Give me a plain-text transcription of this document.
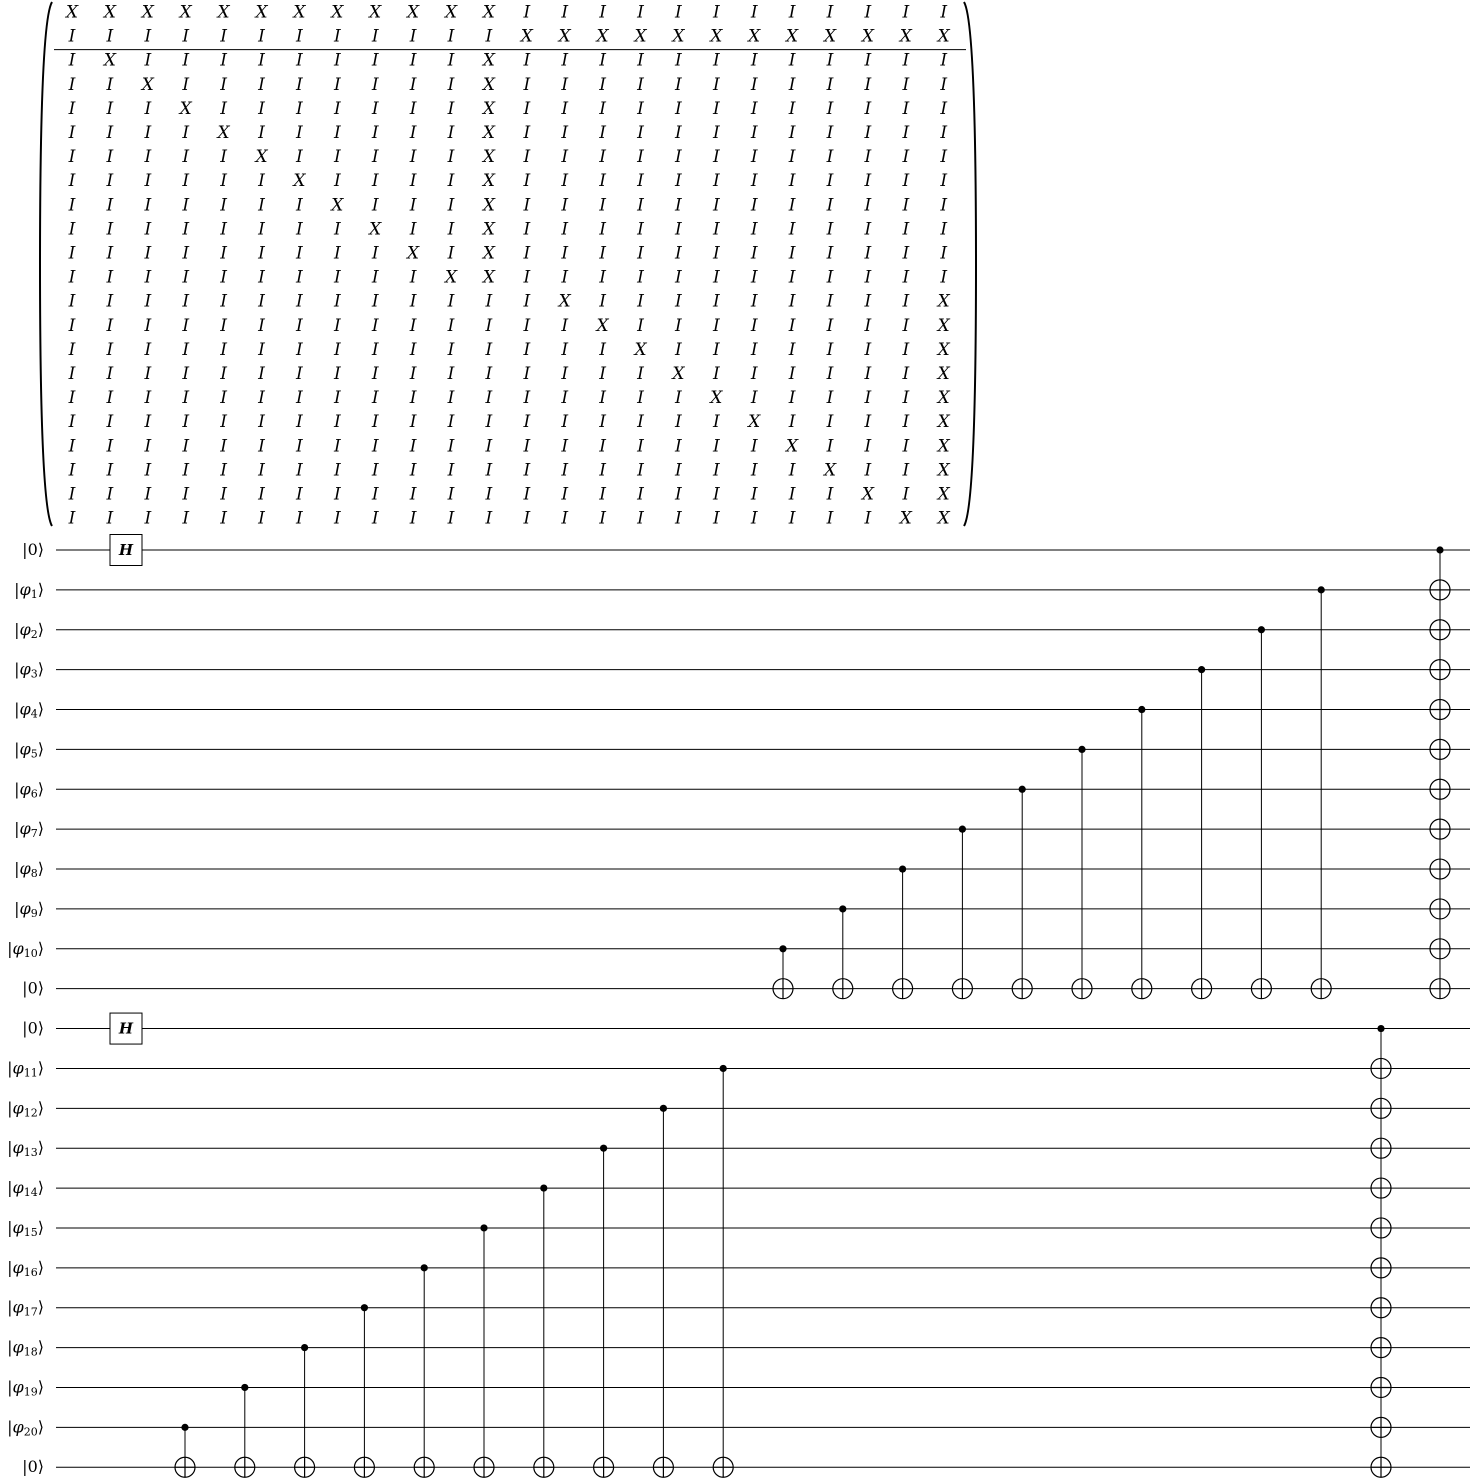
X X X X X X X X X X X X I I I I I I I I I I I I
I I I I I I I I I I I I X X X X X X X X X X X X
I X I I I I I I I I I X I I I I I I I I I I I I
I I X I I I I I I I I X I I I I I I I I I I I I
I I I X I I I I I I I X I I I I I I I I I I I I
I I I I X I I I I I I X I I I I I I I I I I I I
I I I I I X I I I I I X I I I I I I I I I I I I
I I I I I I X I I I I X I I I I I I I I I I I I
I I I I I I I X I I I X I I I I I I I I I I I I
I I I I I I I I X I I X I I I I I I I I I I I I
I I I I I I I I I X I X I I I I I I I I I I I I
I I I I I I I I I I X X I I I I I I I I I I I I
I I I I I I I I I I I I I X I I I I I I I I I X
I I I I I I I I I I I I I I X I I I I I I I I X
I I I I I I I I I I I I I I I X I I I I I I I X
I I I I I I I I I I I I I I I I X I I I I I I X
I I I I I I I I I I I I I I I I I X I I I I I X
I I I I I I I I I I I I I I I I I I X I I I I X
I I I I I I I I I I I I I I I I I I I X I I I X
I I I I I I I I I I I I I I I I I I I I X I I X
I I I I I I I I I I I I I I I I I I I I I X I X
I I I I I I I I I I I I I I I I I I I I I I X X
|0⟩
$|\varphi_1⟩$
$|\varphi_2⟩$
$|\varphi_3⟩$
$|\varphi_4⟩$
$|\varphi_5⟩$
$|\varphi_6⟩$
$|\varphi_7⟩$
$|\varphi_8⟩$
$|\varphi_9⟩$
$|\varphi_{10}⟩$
|0⟩
|0⟩
$|\varphi_{11}⟩$
$|\varphi_{12}⟩$
$|\varphi_{13}⟩$
$|\varphi_{14}⟩$
$|\varphi_{15}⟩$
$|\varphi_{16}⟩$
$|\varphi_{17}⟩$
$|\varphi_{18}⟩$
$|\varphi_{19}⟩$
$|\varphi_{20}⟩$
|0⟩
H
H
